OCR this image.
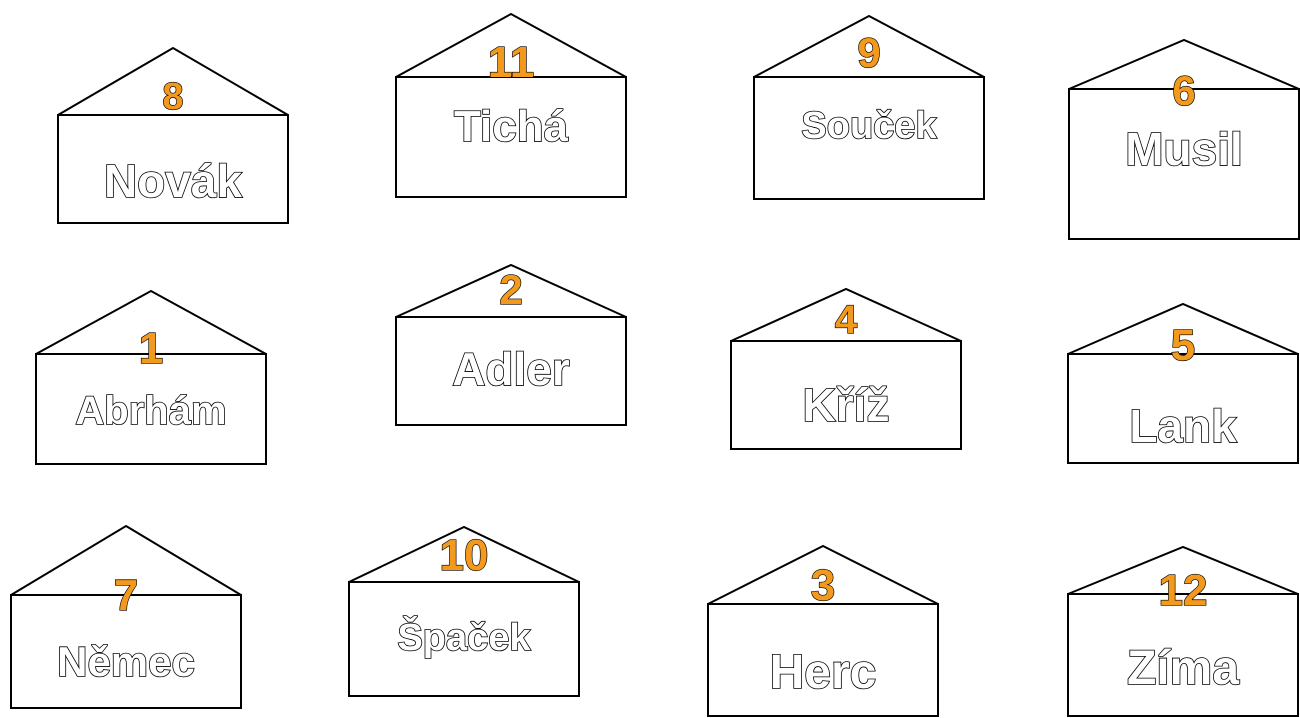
8
Novák
11
Tichá
9
Souček
6
Musil
1
Abrhám
2
Adler
4
Kříž
5
Lank
7
Němec
10
Špaček
3
Herc
12
Zíma
